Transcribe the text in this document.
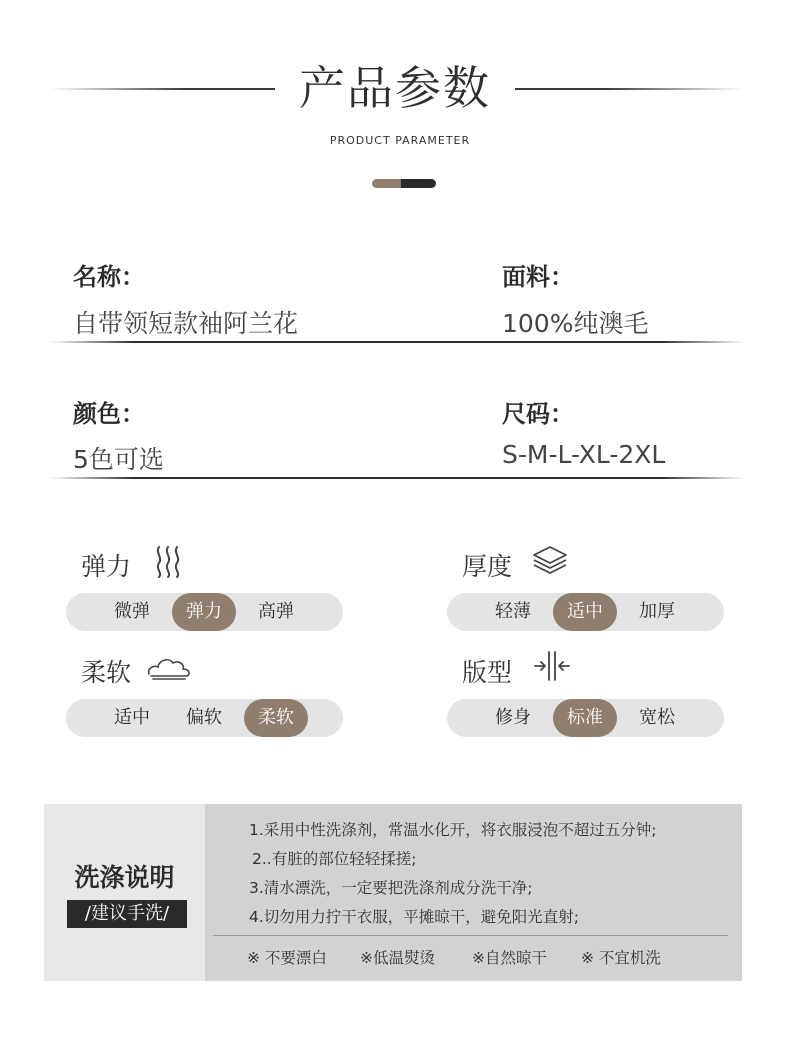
产品参数
PRODUCT PARAMETER
名称：
自带领短款袖阿兰花
面料：
100%纯澳毛
颜色：
5色可选
尺码：
S-M-L-XL-2XL
弹力
微弹	弹力	高弹
厚度
轻薄	适中	加厚
柔软
适中	偏软	柔软
版型
修身	标准	宽松
洗涤说明
/建议手洗/
1.采用中性洗涤剂，常温水化开，将衣服浸泡不超过五分钟;
2..有脏的部位轻轻揉搓;
3.清水漂洗，一定要把洗涤剂成分洗干净;
4.切勿用力拧干衣服，平摊晾干，避免阳光直射;
※ 不要漂白 ※低温熨烫 ※自然晾干 ※ 不宜机洗
